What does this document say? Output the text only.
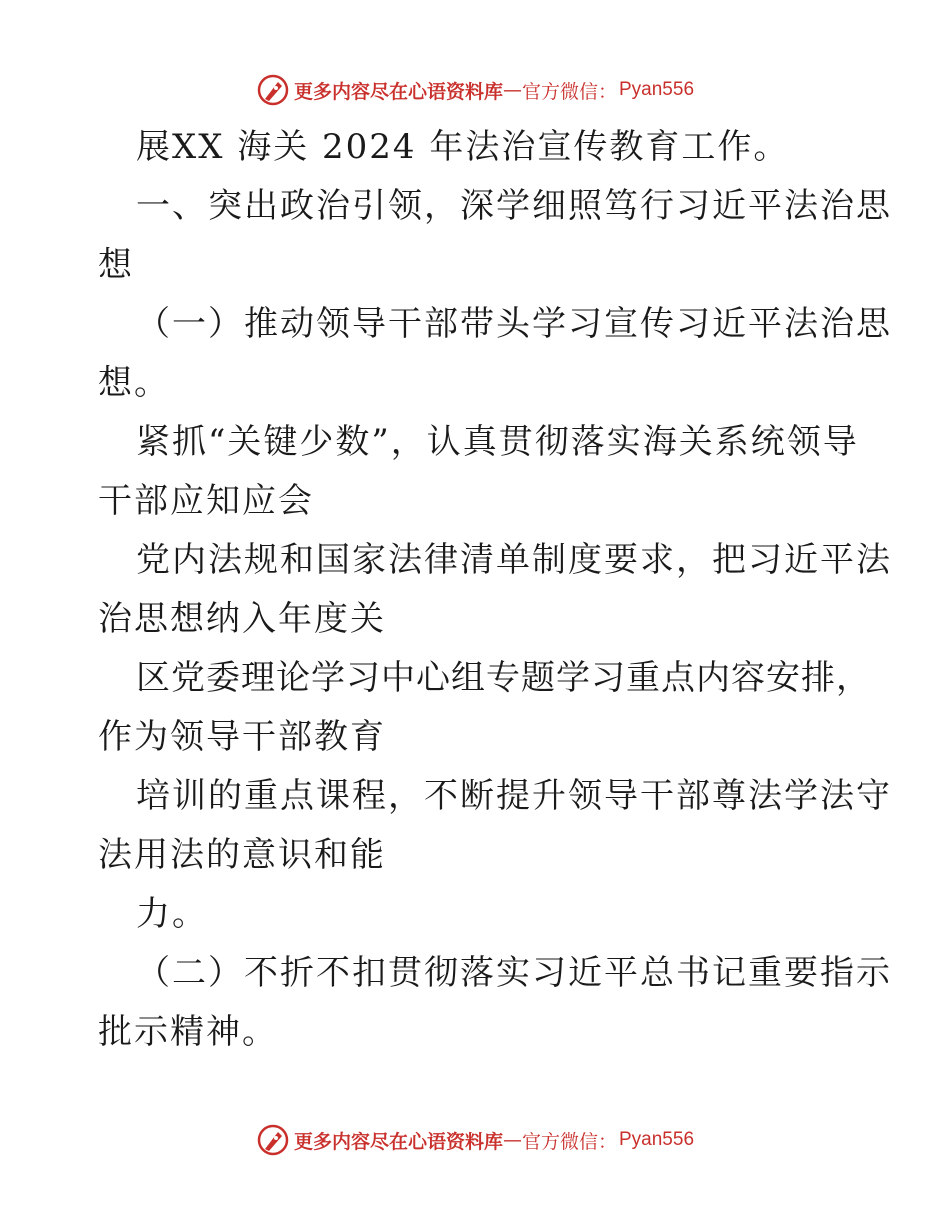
更多内容尽在心语资料库 — 官方微信： Pyan556
展XX 海关 2024 年法治宣传教育工作。
一、突出政治引领，深学细照笃行习近平法治思
想
（一）推动领导干部带头学习宣传习近平法治思
想。
紧抓“关键少数”，认真贯彻落实海关系统领导
干部应知应会
党内法规和国家法律清单制度要求，把习近平法
治思想纳入年度关
区党委理论学习中心组专题学习重点内容安排，
作为领导干部教育
培训的重点课程，不断提升领导干部尊法学法守
法用法的意识和能
力。
（二）不折不扣贯彻落实习近平总书记重要指示
批示精神。
更多内容尽在心语资料库 — 官方微信： Pyan556
